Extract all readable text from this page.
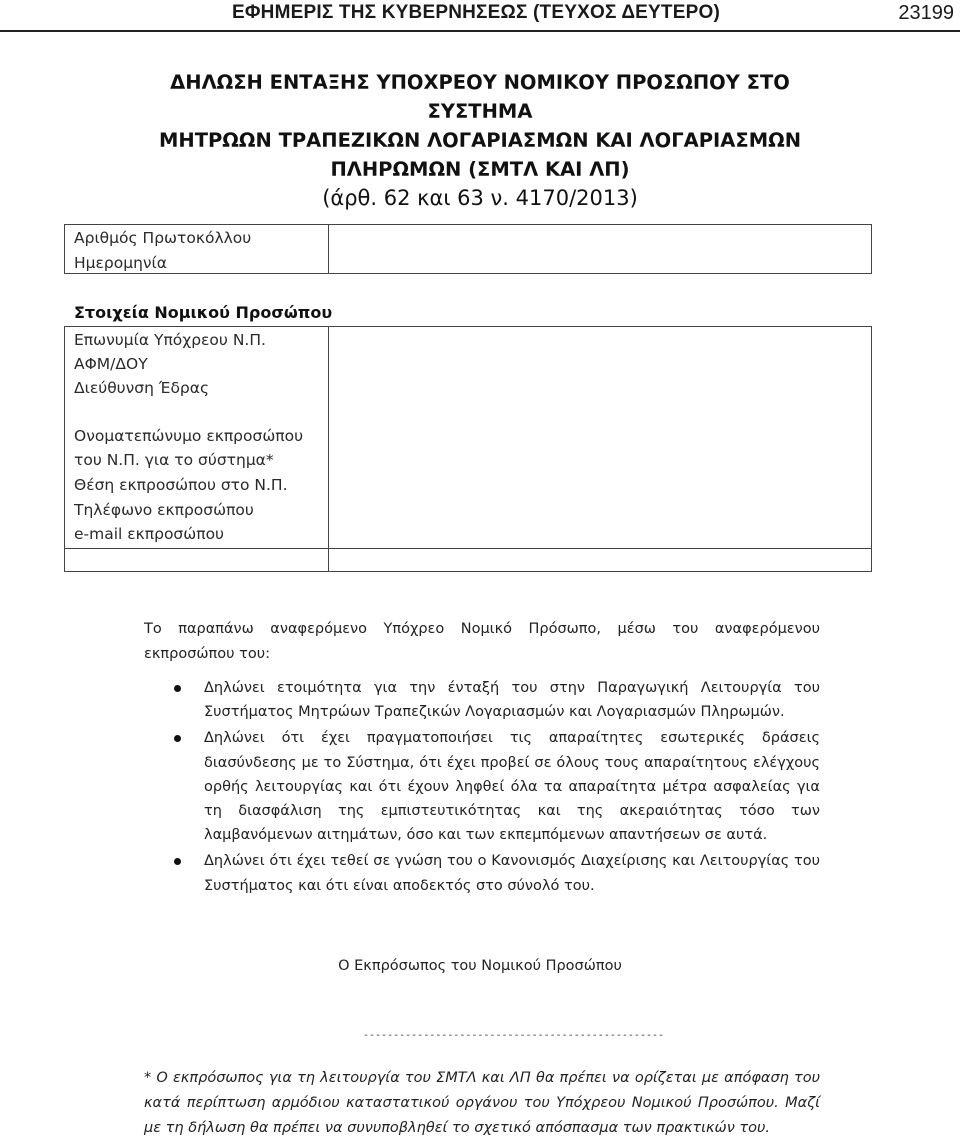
ΕΦΗΜΕΡΙΣ ΤΗΣ ΚΥΒΕΡΝΗΣΕΩΣ (ΤΕΥΧΟΣ ΔΕΥΤΕΡΟ)	23199
ΔΗΛΩΣΗ ΕΝΤΑΞΗΣ ΥΠΟΧΡΕΟΥ ΝΟΜΙΚΟΥ ΠΡΟΣΩΠΟΥ ΣΤΟ ΣΥΣΤΗΜΑ
ΜΗΤΡΩΩΝ ΤΡΑΠΕΖΙΚΩΝ ΛΟΓΑΡΙΑΣΜΩΝ ΚΑΙ ΛΟΓΑΡΙΑΣΜΩΝ
ΠΛΗΡΩΜΩΝ (ΣΜΤΛ ΚΑΙ ΛΠ)
(άρθ. 62 και 63 ν. 4170/2013)
Αριθμός Πρωτοκόλλου
Ημερομηνία
Στοιχεία Νομικού Προσώπου
Επωνυμία Υπόχρεου Ν.Π.
ΑΦΜ/ΔΟΥ
Διεύθυνση Έδρας
Ονοματεπώνυμο εκπροσώπου
του Ν.Π. για το σύστημα*
Θέση εκπροσώπου στο Ν.Π.
Τηλέφωνο εκπροσώπου
e-mail εκπροσώπου
Το παραπάνω αναφερόμενο Υπόχρεο Νομικό Πρόσωπο, μέσω του αναφερόμενου εκπροσώπου του:
Δηλώνει ετοιμότητα για την ένταξή του στην Παραγωγική Λειτουργία του Συστήματος Μητρώων Τραπεζικών Λογαριασμών και Λογαριασμών Πληρωμών.
Δηλώνει ότι έχει πραγματοποιήσει τις απαραίτητες εσωτερικές δράσεις διασύνδεσης με το Σύστημα, ότι έχει προβεί σε όλους τους απαραίτητους ελέγχους ορθής λειτουργίας και ότι έχουν ληφθεί όλα τα απαραίτητα μέτρα ασφαλείας για τη διασφάλιση της εμπιστευτικότητας και της ακεραιότητας τόσο των λαμβανόμενων αιτημάτων, όσο και των εκπεμπόμενων απαντήσεων σε αυτά.
Δηλώνει ότι έχει τεθεί σε γνώση του ο Κανονισμός Διαχείρισης και Λειτουργίας του Συστήματος και ότι είναι αποδεκτός στο σύνολό του.
Ο Εκπρόσωπος του Νομικού Προσώπου
--------------------------------------------------
* Ο εκπρόσωπος για τη λειτουργία του ΣΜΤΛ και ΛΠ θα πρέπει να ορίζεται με απόφαση του κατά περίπτωση αρμόδιου καταστατικού οργάνου του Υπόχρεου Νομικού Προσώπου. Μαζί με τη δήλωση θα πρέπει να συνυποβληθεί το σχετικό απόσπασμα των πρακτικών του.
